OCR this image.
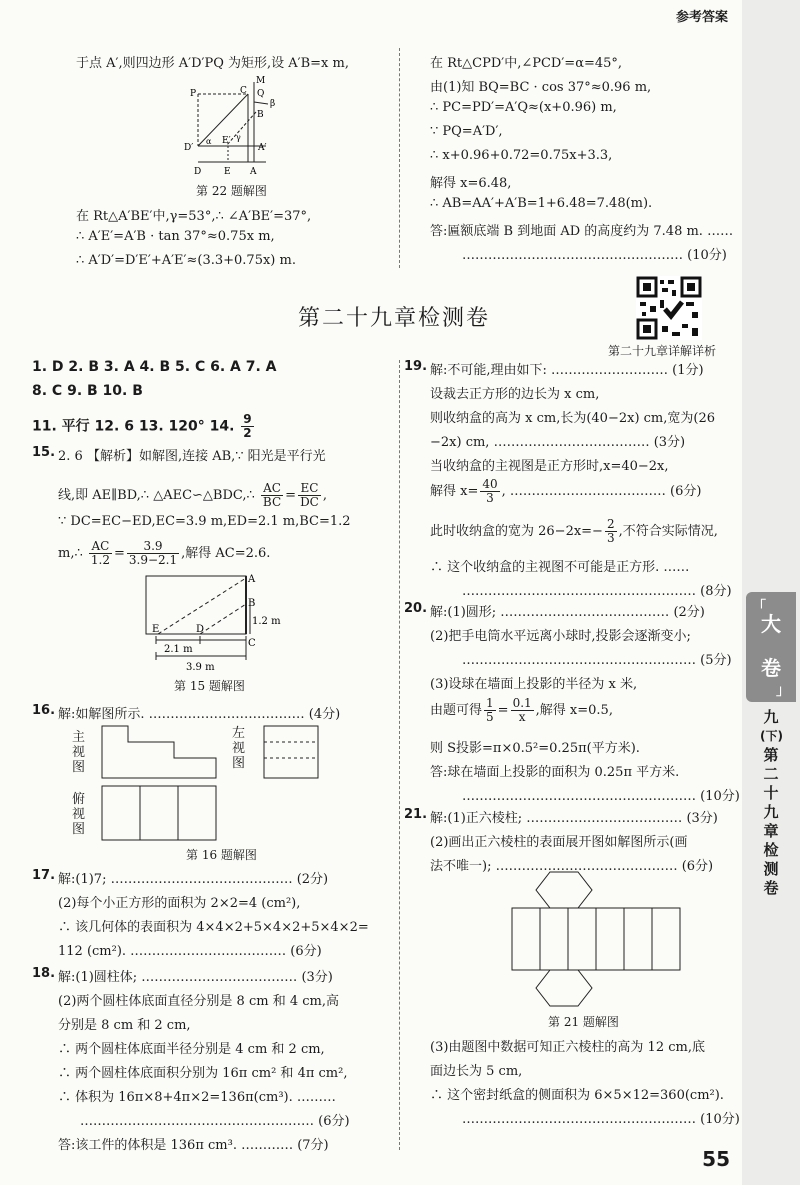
参考答案
「
大
卷
」
九
(下)
第
二
十
九
章
检
测
卷
55
于点 A′,则四边形 A′D′PQ 为矩形,设 A′B=x m,
M
P	C Q
B
β
D′
α E′ γ
A′
D	E A
第 22 题解图
在 Rt△A′BE′中,γ=53°,∴ ∠A′BE′=37°,
∴ A′E′=A′B · tan 37°≈0.75x m,
∴ A′D′=D′E′+A′E′≈(3.3+0.75x) m.
在 Rt△CPD′中,∠PCD′=α=45°,
由(1)知 BQ=BC · cos 37°≈0.96 m,
∴ PC=PD′=A′Q≈(x+0.96) m,
∵ PQ=A′D′,
∴ x+0.96+0.72=0.75x+3.3,
解得 x=6.48,
∴ AB=AA′+A′B=1+6.48=7.48(m).
答:匾额底端 B 到地面 AD 的高度约为 7.48 m. ……
…………………………………………… (10分)
第二十九章检测卷
第二十九章详解详析
1. D 2. B 3. A 4. B 5. C 6. A 7. A
8. C 9. B 10. B
11. 平行 12. 6 13. 120° 14. $\frac{9}{2}$
15. 2. 6 【解析】如解图,连接 AB,∵ 阳光是平行光
线,即 AE∥BD,∴ △AEC∽△BDC,∴ $\frac{AC}{BC} = \frac{EC}{DC}$ ,
∵ DC=EC−ED,EC=3.9 m,ED=2.1 m,BC=1.2
m,∴ $\frac{AC}{1.2} = \frac{3.9}{3.9-2.1}$ ,解得 AC=2.6.
A
B
C
E	D
1.2 m
2.1 m
3.9 m
第 15 题解图
16. 解:如解图所示. ……………………………… (4分)
主视图
左视图
俯视图
第 16 题解图
17. 解:(1)7; …………………………………… (2分)
(2)每个小正方形的面积为 2×2=4 (cm²),
∴ 该几何体的表面积为 4×4×2+5×4×2+5×4×2=
112 (cm²). ……………………………… (6分)
18. 解:(1)圆柱体; ……………………………… (3分)
(2)两个圆柱体底面直径分别是 8 cm 和 4 cm,高
分别是 8 cm 和 2 cm,
∴ 两个圆柱体底面半径分别是 4 cm 和 2 cm,
∴ 两个圆柱体底面积分别为 16π cm² 和 4π cm²,
∴ 体积为 16π×8+4π×2=136π(cm³). ………
……………………………………………… (6分)
答:该工件的体积是 136π cm³. ………… (7分)
19. 解:不可能,理由如下: ……………………… (1分)
设裁去正方形的边长为 x cm,
则收纳盒的高为 x cm,长为(40−2x) cm,宽为(26
−2x) cm, ……………………………… (3分)
当收纳盒的主视图是正方形时,x=40−2x,
解得 $x= \frac{40}{3}$ , ……………………………… (6分)
此时收纳盒的宽为 $26-2x=- \frac{2}{3}$ ,不符合实际情况,
∴ 这个收纳盒的主视图不可能是正方形. ……
……………………………………………… (8分)
20. 解:(1)圆形; ………………………………… (2分)
(2)把手电筒水平远离小球时,投影会逐渐变小;
……………………………………………… (5分)
(3)设球在墙面上投影的半径为 x 米,
由题可得 $\frac{1}{5} = \frac{0.1}{x}$ ,解得 x=0.5,
则 S投影=π×0.5²=0.25π(平方米).
答:球在墙面上投影的面积为 0.25π 平方米.
……………………………………………… (10分)
21. 解:(1)正六棱柱; ……………………………… (3分)
(2)画出正六棱柱的表面展开图如解图所示(画
法不唯一); …………………………………… (6分)
第 21 题解图
(3)由题图中数据可知正六棱柱的高为 12 cm,底
面边长为 5 cm,
∴ 这个密封纸盒的侧面积为 6×5×12=360(cm²).
……………………………………………… (10分)
